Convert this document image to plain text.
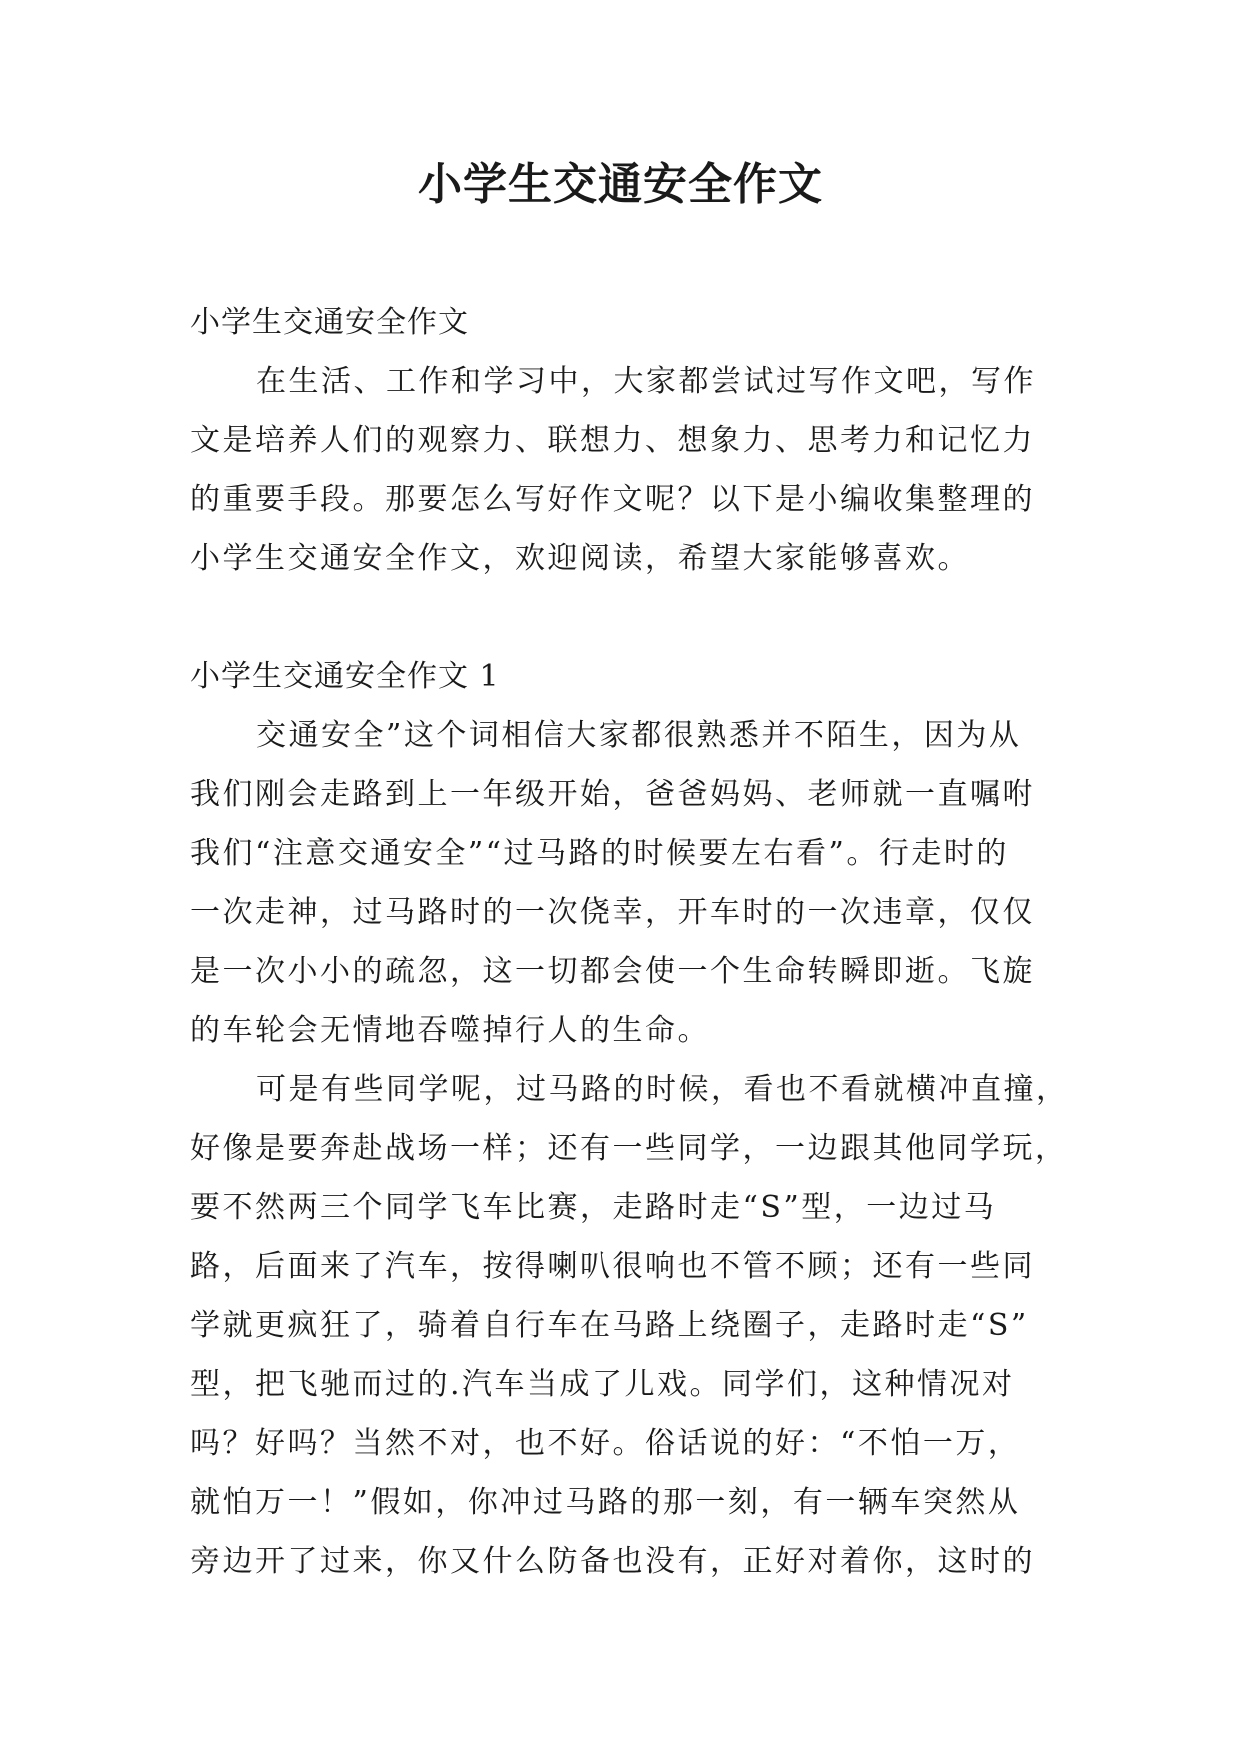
小学生交通安全作文
小学生交通安全作文
在生活、工作和学习中，大家都尝试过写作文吧，写作
文是培养人们的观察力、联想力、想象力、思考力和记忆力
的重要手段。那要怎么写好作文呢？以下是小编收集整理的
小学生交通安全作文，欢迎阅读，希望大家能够喜欢。
小学生交通安全作文 1
交通安全”这个词相信大家都很熟悉并不陌生，因为从
我们刚会走路到上一年级开始，爸爸妈妈、老师就一直嘱咐
我们“注意交通安全”“过马路的时候要左右看”。行走时的
一次走神，过马路时的一次侥幸，开车时的一次违章，仅仅
是一次小小的疏忽，这一切都会使一个生命转瞬即逝。飞旋
的车轮会无情地吞噬掉行人的生命。
可是有些同学呢，过马路的时候，看也不看就横冲直撞，
好像是要奔赴战场一样；还有一些同学，一边跟其他同学玩，
要不然两三个同学飞车比赛，走路时走“S”型，一边过马
路，后面来了汽车，按得喇叭很响也不管不顾；还有一些同
学就更疯狂了，骑着自行车在马路上绕圈子，走路时走“S”
型，把飞驰而过的.汽车当成了儿戏。同学们，这种情况对
吗？好吗？当然不对，也不好。俗话说的好：“不怕一万，
就怕万一！”假如，你冲过马路的那一刻，有一辆车突然从
旁边开了过来，你又什么防备也没有，正好对着你，这时的
